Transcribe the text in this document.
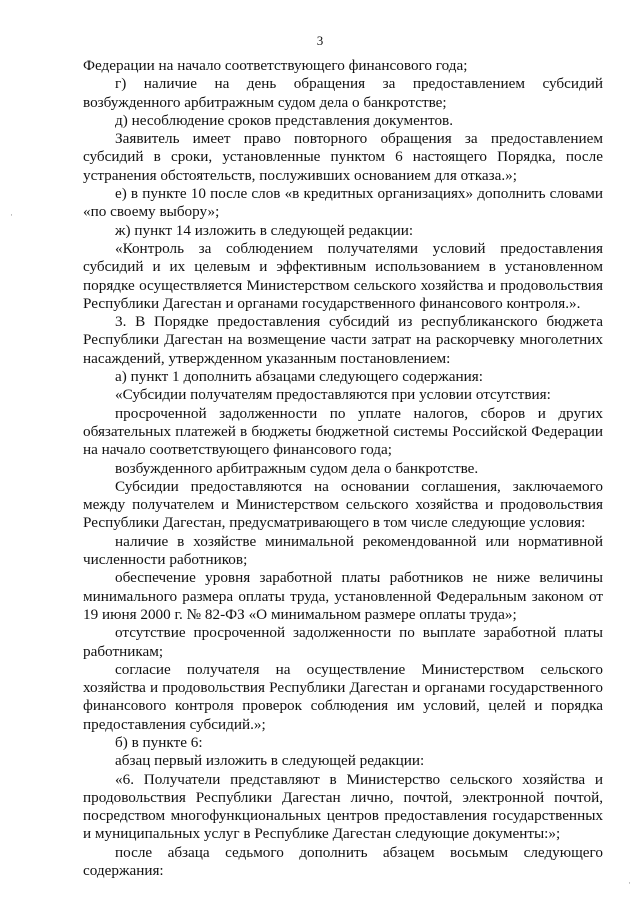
3
Федерации на начало соответствующего финансового года;
г) наличие на день обращения за предоставлением субсидий
возбужденного арбитражным судом дела о банкротстве;
д) несоблюдение сроков представления документов.
Заявитель имеет право повторного обращения за предоставлением
субсидий в сроки, установленные пунктом 6 настоящего Порядка, после
устранения обстоятельств, послуживших основанием для отказа.»;
е) в пункте 10 после слов «в кредитных организациях» дополнить словами
«по своему выбору»;
ж) пункт 14 изложить в следующей редакции:
«Контроль за соблюдением получателями условий предоставления
субсидий и их целевым и эффективным использованием в установленном
порядке осуществляется Министерством сельского хозяйства и продовольствия
Республики Дагестан и органами государственного финансового контроля.».
3. В Порядке предоставления субсидий из республиканского бюджета
Республики Дагестан на возмещение части затрат на раскорчевку многолетних
насаждений, утвержденном указанным постановлением:
а) пункт 1 дополнить абзацами следующего содержания:
«Субсидии получателям предоставляются при условии отсутствия:
просроченной задолженности по уплате налогов, сборов и других
обязательных платежей в бюджеты бюджетной системы Российской Федерации
на начало соответствующего финансового года;
возбужденного арбитражным судом дела о банкротстве.
Субсидии предоставляются на основании соглашения, заключаемого
между получателем и Министерством сельского хозяйства и продовольствия
Республики Дагестан, предусматривающего в том числе следующие условия:
наличие в хозяйстве минимальной рекомендованной или нормативной
численности работников;
обеспечение уровня заработной платы работников не ниже величины
минимального размера оплаты труда, установленной Федеральным законом от
19 июня 2000 г. № 82-ФЗ «О минимальном размере оплаты труда»;
отсутствие просроченной задолженности по выплате заработной платы
работникам;
согласие получателя на осуществление Министерством сельского
хозяйства и продовольствия Республики Дагестан и органами государственного
финансового контроля проверок соблюдения им условий, целей и порядка
предоставления субсидий.»;
б) в пункте 6:
абзац первый изложить в следующей редакции:
«6. Получатели представляют в Министерство сельского хозяйства и
продовольствия Республики Дагестан лично, почтой, электронной почтой,
посредством многофункциональных центров предоставления государственных
и муниципальных услуг в Республике Дагестан следующие документы:»;
после абзаца седьмого дополнить абзацем восьмым следующего
содержания:
·
·
